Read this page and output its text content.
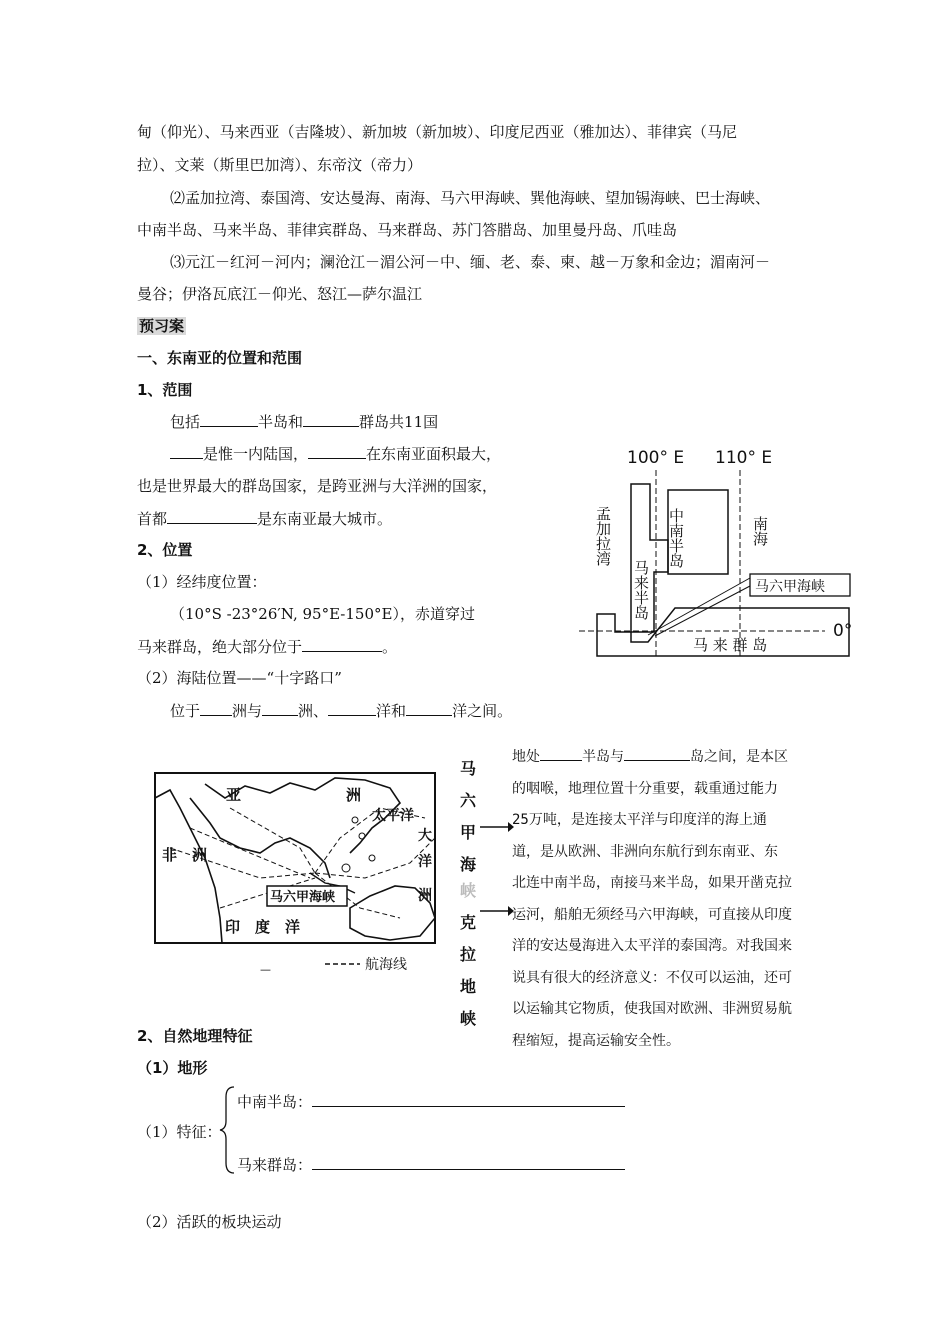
甸（仰光）、马来西亚（吉隆坡）、新加坡（新加坡）、印度尼西亚（雅加达）、菲律宾（马尼
拉）、文莱（斯里巴加湾）、东帝汶（帝力）
⑵孟加拉湾、泰国湾、安达曼海、南海、马六甲海峡、巽他海峡、望加锡海峡、巴士海峡、
中南半岛、马来半岛、菲律宾群岛、马来群岛、苏门答腊岛、加里曼丹岛、爪哇岛
⑶元江－红河－河内；澜沧江－湄公河－中、缅、老、泰、柬、越－万象和金边；湄南河－
曼谷；伊洛瓦底江－仰光、怒江—萨尔温江
预习案
一、东南亚的位置和范围
1、范围
包括	半岛和	群岛共11国
是惟一内陆国，	在东南亚面积最大，
也是世界最大的群岛国家，是跨亚洲与大洋洲的国家，
首都	是东南亚最大城市。
2、位置
（1）经纬度位置：
（10°S -23°26′N, 95°E-150°E），赤道穿过
马来群岛，绝大部分位于	。
（2）海陆位置——“十字路口”
位于 洲与 洲、	洋和	洋之间。
100° E 110° E
孟加拉湾	中南半岛
马来半岛
南海
马六甲海峡
马 来 群 岛
0°
亚	洲
非　洲
太平洋
大
洋
洲
印　度　洋
马六甲海峡
—	航海线
马
六
甲
海
峡
克
拉
地
峡
地处	半岛与	岛之间，是本区
的咽喉，地理位置十分重要，载重通过能力
25万吨，是连接太平洋与印度洋的海上通
道，是从欧洲、非洲向东航行到东南亚、东
北连中南半岛，南接马来半岛，如果开凿克拉
运河，船舶无须经马六甲海峡，可直接从印度
洋的安达曼海进入太平洋的泰国湾。对我国来
说具有很大的经济意义：不仅可以运油，还可
以运输其它物质，使我国对欧洲、非洲贸易航
程缩短，提高运输安全性。
2、自然地理特征
（1）地形
（1）特征：
中南半岛：
马来群岛：
（2）活跃的板块运动
